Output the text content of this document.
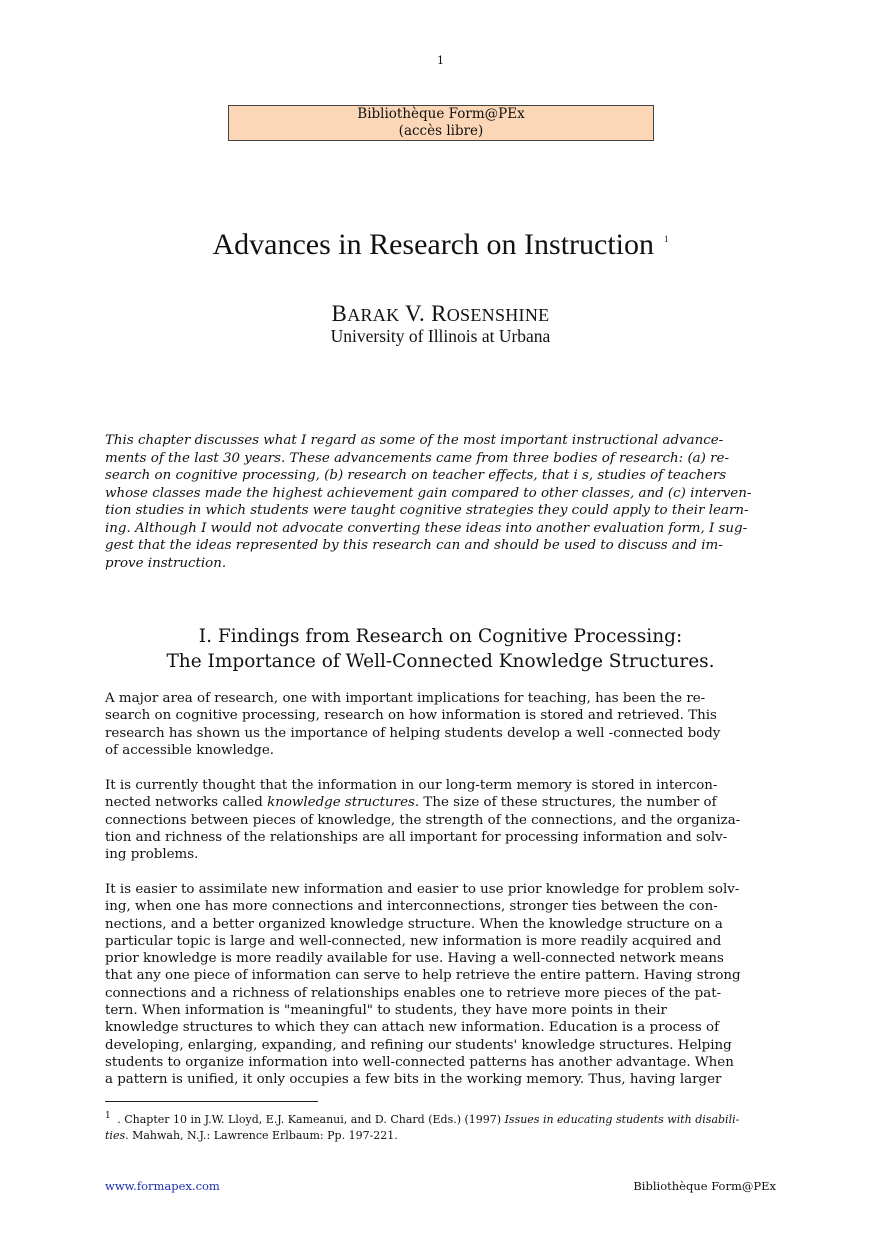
1
Bibliothèque Form@PEx
(accès libre)
Advances in Research on Instruction $^1$
BARAK V. ROSENSHINE
University of Illinois at Urbana
This chapter discusses what I regard as some of the most important instructional advance-
ments of the last 30 years. These advancements came from three bodies of research: (a) re-
search on cognitive processing, (b) research on teacher effects, that i s, studies of teachers
whose classes made the highest achievement gain compared to other classes, and (c) interven-
tion studies in which students were taught cognitive strategies they could apply to their learn-
ing. Although I would not advocate converting these ideas into another evaluation form, I sug-
gest that the ideas represented by this research can and should be used to discuss and im-
prove instruction.
I. Findings from Research on Cognitive Processing:
The Importance of Well-Connected Knowledge Structures.
A major area of research, one with important implications for teaching, has been the re-
search on cognitive processing, research on how information is stored and retrieved. This
research has shown us the importance of helping students develop a well -connected body
of accessible knowledge.
It is currently thought that the information in our long-term memory is stored in intercon-
nected networks called knowledge structures. The size of these structures, the number of
connections between pieces of knowledge, the strength of the connections, and the organiza-
tion and richness of the relationships are all important for processing information and solv-
ing problems.
It is easier to assimilate new information and easier to use prior knowledge for problem solv-
ing, when one has more connections and interconnections, stronger ties between the con-
nections, and a better organized knowledge structure. When the knowledge structure on a
particular topic is large and well-connected, new information is more readily acquired and
prior knowledge is more readily available for use. Having a well-connected network means
that any one piece of information can serve to help retrieve the entire pattern. Having strong
connections and a richness of relationships enables one to retrieve more pieces of the pat-
tern. When information is "meaningful" to students, they have more points in their
knowledge structures to which they can attach new information. Education is a process of
developing, enlarging, expanding, and refining our students' knowledge structures. Helping
students to organize information into well-connected patterns has another advantage. When
a pattern is unified, it only occupies a few bits in the working memory. Thus, having larger
$^1$ . Chapter 10 in J.W. Lloyd, E.J. Kameanui, and D. Chard (Eds.) (1997) Issues in educating students with disabili-
ties. Mahwah, N.J.: Lawrence Erlbaum: Pp. 197-221.
www.formapex.com	Bibliothèque Form@PEx
